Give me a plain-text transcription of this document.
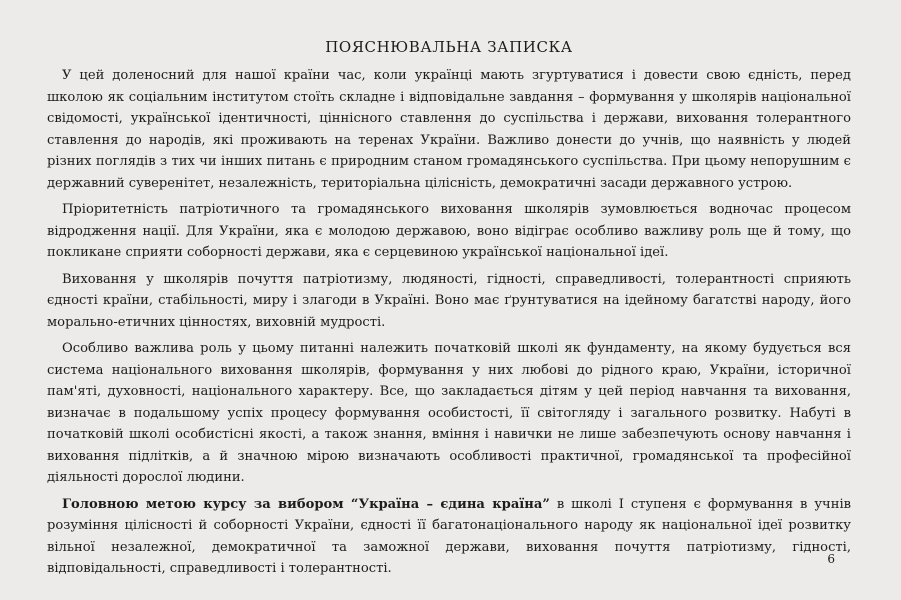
ПОЯСНЮВАЛЬНА ЗАПИСКА

У цей доленосний для нашої країни час, коли українці мають згуртуватися і довести свою єдність, перед школою як соціальним інститутом стоїть складне і відповідальне завдання – формування у школярів національної свідомості, української ідентичності, ціннісного ставлення до суспільства і держави, виховання толерантного ставлення до народів, які проживають на теренах України. Важливо донести до учнів, що наявність у людей різних поглядів з тих чи інших питань є природним станом громадянського суспільства. При цьому непорушним є державний суверенітет, незалежність, територіальна цілісність, демократичні засади державного устрою.

Пріоритетність патріотичного та громадянського виховання школярів зумовлюється водночас процесом відродження нації. Для України, яка є молодою державою, воно відіграє особливо важливу роль ще й тому, що покликане сприяти соборності держави, яка є серцевиною української національної ідеї.

Виховання у школярів почуття патріотизму, людяності, гідності, справедливості, толерантності сприяють єдності країни, стабільності, миру і злагоди в Україні. Воно має ґрунтуватися на ідейному багатстві народу, його морально-етичних цінностях, виховній мудрості.

Особливо важлива роль у цьому питанні належить початковій школі як фундаменту, на якому будується вся система національного виховання школярів, формування у них любові до рідного краю, України, історичної пам'яті, духовності, національного характеру. Все, що закладається дітям у цей період навчання та виховання, визначає в подальшому успіх процесу формування особистості, її світогляду і загального розвитку. Набуті в початковій школі особистісні якості, а також знання, вміння і навички не лише забезпечують основу навчання і виховання підлітків, а й значною мірою визначають особливості практичної, громадянської та професійної діяльності дорослої людини.

Головною метою курсу за вибором “Україна – єдина країна” в школі І ступеня є формування в учнів розуміння цілісності й соборності України, єдності її багатонаціонального народу як національної ідеї розвитку вільної незалежної, демократичної та заможної держави, виховання почуття патріотизму, гідності, відповідальності, справедливості і толерантності.

6
